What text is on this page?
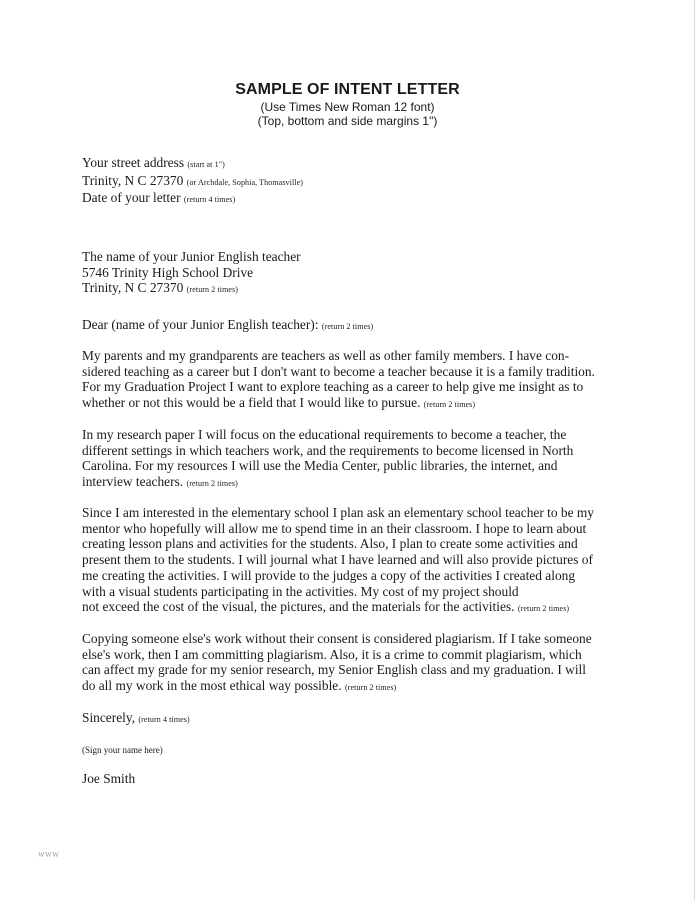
SAMPLE OF INTENT LETTER
(Use Times New Roman 12 font)
(Top, bottom and side margins 1")
Your street address (start at 1")
Trinity, N C 27370 (or Archdale, Sophia, Thomasville)
Date of your letter (return 4 times)
The name of your Junior English teacher
5746 Trinity High School Drive
Trinity, N C 27370 (return 2 times)
Dear (name of your Junior English teacher): (return 2 times)
My parents and my grandparents are teachers as well as other family members. I have con-
sidered teaching as a career but I don't want to become a teacher because it is a family tradition.
For my Graduation Project I want to explore teaching as a career to help give me insight as to
whether or not this would be a field that I would like to pursue. (return 2 times)
In my research paper I will focus on the educational requirements to become a teacher, the
different settings in which teachers work, and the requirements to become licensed in North
Carolina. For my resources I will use the Media Center, public libraries, the internet, and
interview teachers. (return 2 times)
Since I am interested in the elementary school I plan ask an elementary school teacher to be my
mentor who hopefully will allow me to spend time in an their classroom. I hope to learn about
creating lesson plans and activities for the students. Also, I plan to create some activities and
present them to the students. I will journal what I have learned and will also provide pictures of
me creating the activities. I will provide to the judges a copy of the activities I created along
with a visual students participating in the activities. My cost of my project should
not exceed the cost of the visual, the pictures, and the materials for the activities. (return 2 times)
Copying someone else's work without their consent is considered plagiarism. If I take someone
else's work, then I am committing plagiarism. Also, it is a crime to commit plagiarism, which
can affect my grade for my senior research, my Senior English class and my graduation. I will
do all my work in the most ethical way possible. (return 2 times)
Sincerely, (return 4 times)
(Sign your name here)
Joe Smith
WWW
